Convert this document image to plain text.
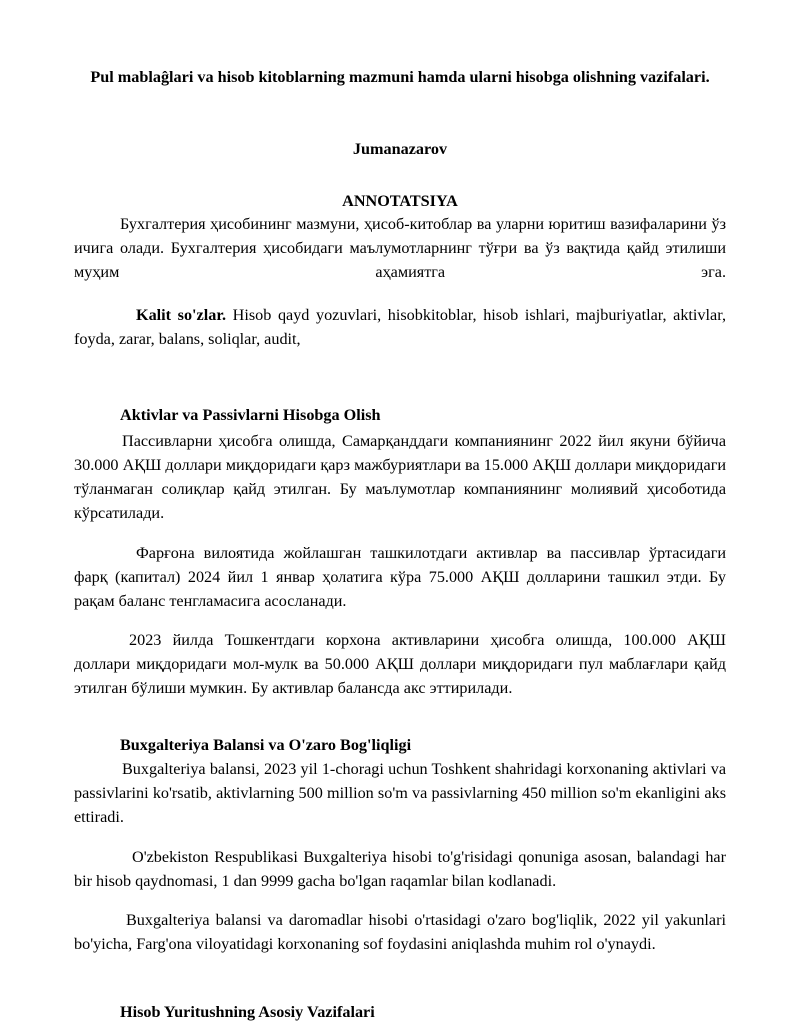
Pul mablaĝlari va hisob kitoblarning mazmuni hamda ularni hisobga olishning vazifalari.
Jumanazarov
ANNOTATSIYA

Бухгалтерия ҳисобининг мазмуни, ҳисоб-китоблар ва уларни юритиш вазифаларини ўз ичига олади. Бухгалтерия ҳисобидаги маълумотларнинг тўғри ва ўз вақтида қайд этилиши муҳим аҳамиятга эга.

Kalit so'zlar. Hisob qayd yozuvlari, hisobkitoblar, hisob ishlari, majburiyatlar, aktivlar, foyda, zarar, balans, soliqlar, audit,

Aktivlar va Passivlarni Hisobga Olish

Пассивларни ҳисобга олишда, Самарқанддаги компаниянинг 2022 йил якуни бўйича 30.000 АҚШ доллари миқдоридаги қарз мажбуриятлари ва 15.000 АҚШ доллари миқдоридаги тўланмаган солиқлар қайд этилган. Бу маълумотлар компаниянинг молиявий ҳисоботида кўрсатилади.

Фарғона вилоятида жойлашган ташкилотдаги активлар ва пассивлар ўртасидаги фарқ (капитал) 2024 йил 1 январ ҳолатига кўра 75.000 АҚШ долларини ташкил этди. Бу рақам баланс тенгламасига асосланади.

2023 йилда Тошкентдаги корхона активларини ҳисобга олишда, 100.000 АҚШ доллари миқдоридаги мол-мулк ва 50.000 АҚШ доллари миқдоридаги пул маблағлари қайд этилган бўлиши мумкин. Бу активлар балансда акс эттирилади.

Buxgalteriya Balansi va O'zaro Bog'liqligi

Buxgalteriya balansi, 2023 yil 1-choragi uchun Toshkent shahridagi korxonaning aktivlari va passivlarini ko'rsatib, aktivlarning 500 million so'm va passivlarning 450 million so'm ekanligini aks ettiradi.

O'zbekiston Respublikasi Buxgalteriya hisobi to'g'risidagi qonuniga asosan, balandagi har bir hisob qaydnomasi, 1 dan 9999 gacha bo'lgan raqamlar bilan kodlanadi.

Buxgalteriya balansi va daromadlar hisobi o'rtasidagi o'zaro bog'liqlik, 2022 yil yakunlari bo'yicha, Farg'ona viloyatidagi korxonaning sof foydasini aniqlashda muhim rol o'ynaydi.

Hisob Yuritushning Asosiy Vazifalari
